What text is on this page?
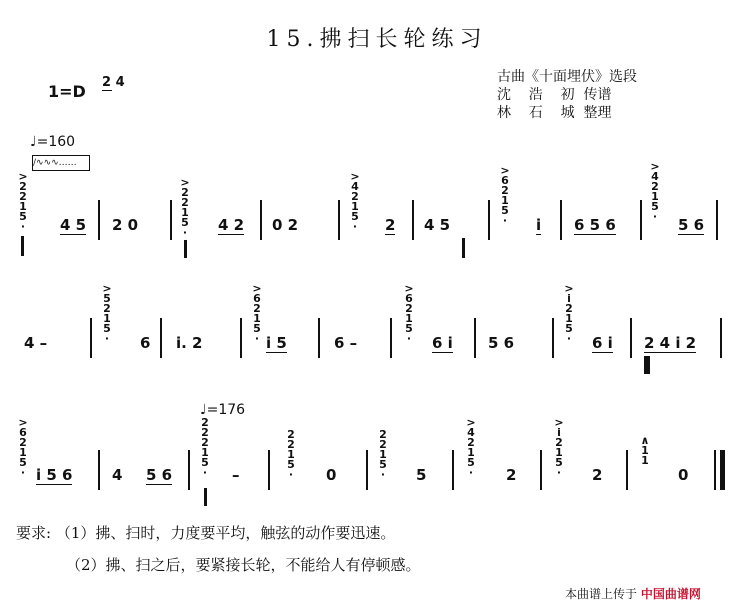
15.拂扫长轮练习
1=D 2 4	古曲《十面埋伏》选段
沈    浩    初  传谱
林    石    城  整理
♩=160
∕∿∿∿……
>
2
2
1
5
· 4 5 2 0
>
2
2
1
5
· 4 2 0 2
>
4
2
1
5
· 2 4 5
>
6
2
1
5
· i 6 5 6
>
4
2
1
5
· 5 6
4 –
>
5
2
1
5
· 6 i. 2
>
6
2
1
5
· i 5	6 –
>
6
2
1
5
· 6 i 5 6
>
i
2
1
5
· 6 i 2 4 i 2
♩=176
>
6
2
1
5
· i 5 6	4 5 6
2
2
2
1
5
· –
2
2
1
5
· 0
2
2
1
5
· 5
>
4
2
1
5
· 2
>
i
2
1
5
· 2
∧
1
1
0
要求: （1）拂、扫时，力度要平均，触弦的动作要迅速。
（2）拂、扫之后，要紧接长轮，不能给人有停顿感。
本曲谱上传于 中国曲谱网
